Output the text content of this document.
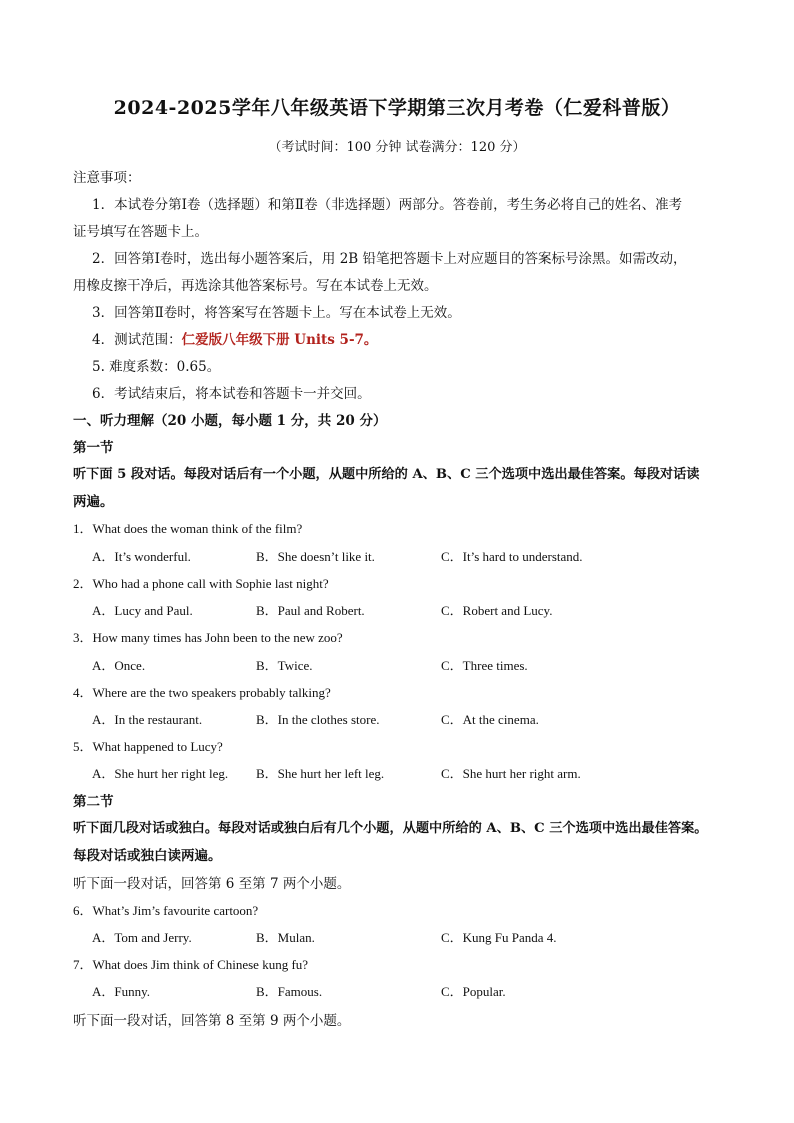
2024-2025学年八年级英语下学期第三次月考卷（仁爱科普版）
（考试时间：100 分钟 试卷满分：120 分）
注意事项：
1．本试卷分第Ⅰ卷（选择题）和第Ⅱ卷（非选择题）两部分。答卷前，考生务必将自己的姓名、准考
证号填写在答题卡上。
2．回答第Ⅰ卷时，选出每小题答案后，用 2B 铅笔把答题卡上对应题目的答案标号涂黑。如需改动，
用橡皮擦干净后，再选涂其他答案标号。写在本试卷上无效。
3．回答第Ⅱ卷时，将答案写在答题卡上。写在本试卷上无效。
4．测试范围：仁爱版八年级下册 Units 5-7。
5. 难度系数：0.65。
6．考试结束后，将本试卷和答题卡一并交回。
一、听力理解（20 小题，每小题 1 分，共 20 分）
第一节
听下面 5 段对话。每段对话后有一个小题，从题中所给的 A、B、C 三个选项中选出最佳答案。每段对话读
两遍。
1．What does the woman think of the film?
A．It’s wonderful.	B．She doesn’t like it.	C．It’s hard to understand.
2．Who had a phone call with Sophie last night?
A．Lucy and Paul.	B．Paul and Robert.	C．Robert and Lucy.
3．How many times has John been to the new zoo?
A．Once.	B．Twice.	C．Three times.
4．Where are the two speakers probably talking?
A．In the restaurant.	B．In the clothes store.	C．At the cinema.
5．What happened to Lucy?
A．She hurt her right leg. B．She hurt her left leg.	C．She hurt her right arm.
第二节
听下面几段对话或独白。每段对话或独白后有几个小题，从题中所给的 A、B、C 三个选项中选出最佳答案。
每段对话或独白读两遍。
听下面一段对话，回答第 6 至第 7 两个小题。
6．What’s Jim’s favourite cartoon?
A．Tom and Jerry.	B．Mulan.	C．Kung Fu Panda 4.
7．What does Jim think of Chinese kung fu?
A．Funny.	B．Famous.	C．Popular.
听下面一段对话，回答第 8 至第 9 两个小题。
